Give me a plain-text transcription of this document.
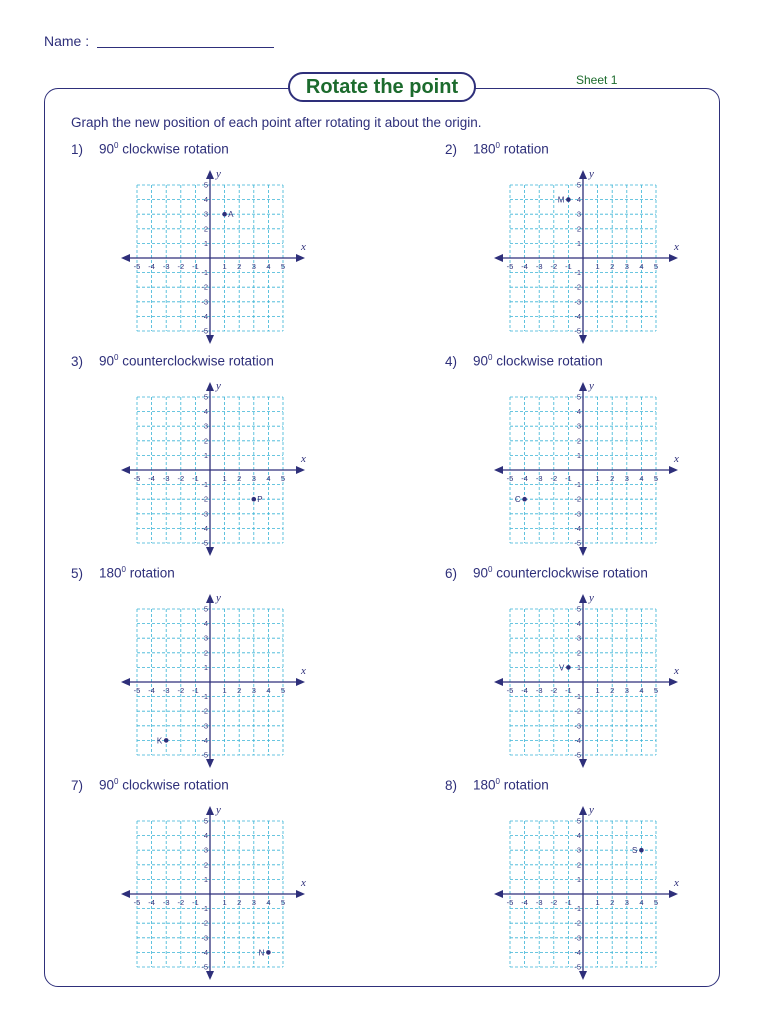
Name :
Rotate the point	Sheet 1
Graph the new position of each point after rotating it about the origin.
1) $90^0$ clockwise rotation	2) $180^0$ rotation
3) $90^0$ counterclockwise rotation	4) $90^0$ clockwise rotation
5) $180^0$ rotation	6) $90^0$ counterclockwise rotation
7) $90^0$ clockwise rotation	8) $180^0$ rotation
x
y
-5
-5
-4
-4
-3
-3
-2
-2
-1
-1
1
1
2
2
3
3
4
4
5
5
A
x
y
-5
-5
-4
-4
-3
-3
-2
-2
-1
-1
1
1
2
2
3
3
4
4
5
5
M
x
y
-5
-5
-4
-4
-3
-3
-2
-2
-1
-1
1
1
2
2
3
3
4
4
5
5
P
x
y
-5
-5
-4
-4
-3
-3
-2
-2
-1
-1
1
1
2
2
3
3
4
4
5
5
C
x
y
-5
-5
-4
-4
-3
-3
-2
-2
-1
-1
1
1
2
2
3
3
4
4
5
5
K
x
y
-5
-5
-4
-4
-3
-3
-2
-2
-1
-1
1
1
2
2
3
3
4
4
5
5
V
x
y
-5
-5
-4
-4
-3
-3
-2
-2
-1
-1
1
1
2
2
3
3
4
4
5
5
N
x
y
-5
-5
-4
-4
-3
-3
-2
-2
-1
-1
1
1
2
2
3
3
4
4
5
5
S
